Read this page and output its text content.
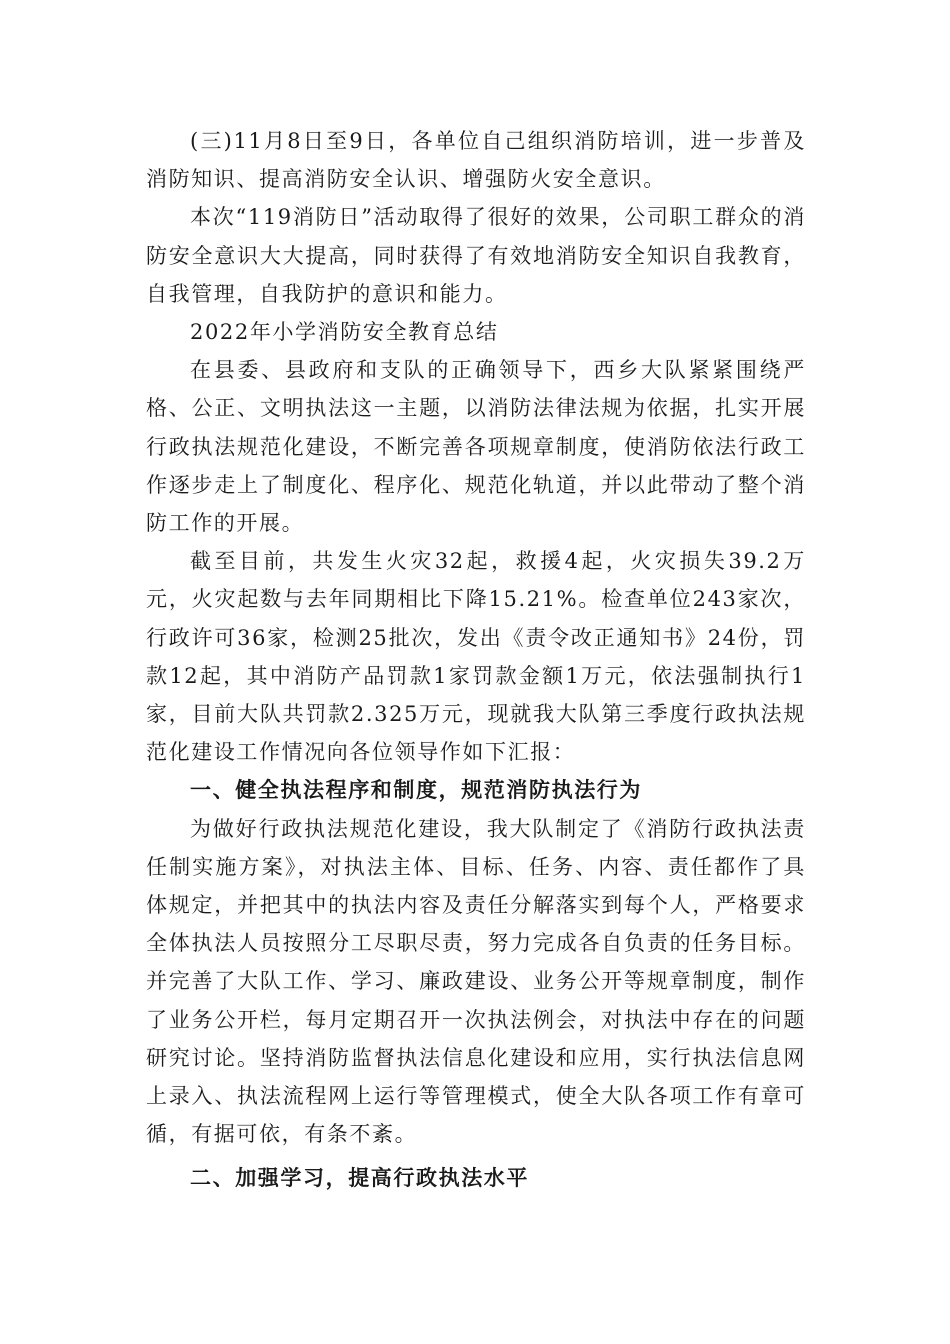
(三)11月8日至9日，各单位自己组织消防培训，进一步普及消防知识、提高消防安全认识、增强防火安全意识。

本次“119消防日”活动取得了很好的效果，公司职工群众的消防安全意识大大提高，同时获得了有效地消防安全知识自我教育，自我管理，自我防护的意识和能力。

2022年小学消防安全教育总结

在县委、县政府和支队的正确领导下，西乡大队紧紧围绕严格、公正、文明执法这一主题，以消防法律法规为依据，扎实开展行政执法规范化建设，不断完善各项规章制度，使消防依法行政工作逐步走上了制度化、程序化、规范化轨道，并以此带动了整个消防工作的开展。

截至目前，共发生火灾32起，救援4起，火灾损失39.2万元，火灾起数与去年同期相比下降15.21%。检查单位243家次，行政许可36家，检测25批次，发出《责令改正通知书》24份，罚款12起，其中消防产品罚款1家罚款金额1万元，依法强制执行1家，目前大队共罚款2.325万元，现就我大队第三季度行政执法规范化建设工作情况向各位领导作如下汇报：

一、健全执法程序和制度，规范消防执法行为

为做好行政执法规范化建设，我大队制定了《消防行政执法责任制实施方案》，对执法主体、目标、任务、内容、责任都作了具体规定，并把其中的执法内容及责任分解落实到每个人，严格要求全体执法人员按照分工尽职尽责，努力完成各自负责的任务目标。并完善了大队工作、学习、廉政建设、业务公开等规章制度，制作了业务公开栏，每月定期召开一次执法例会，对执法中存在的问题研究讨论。坚持消防监督执法信息化建设和应用，实行执法信息网上录入、执法流程网上运行等管理模式，使全大队各项工作有章可循，有据可依，有条不紊。

二、加强学习，提高行政执法水平
